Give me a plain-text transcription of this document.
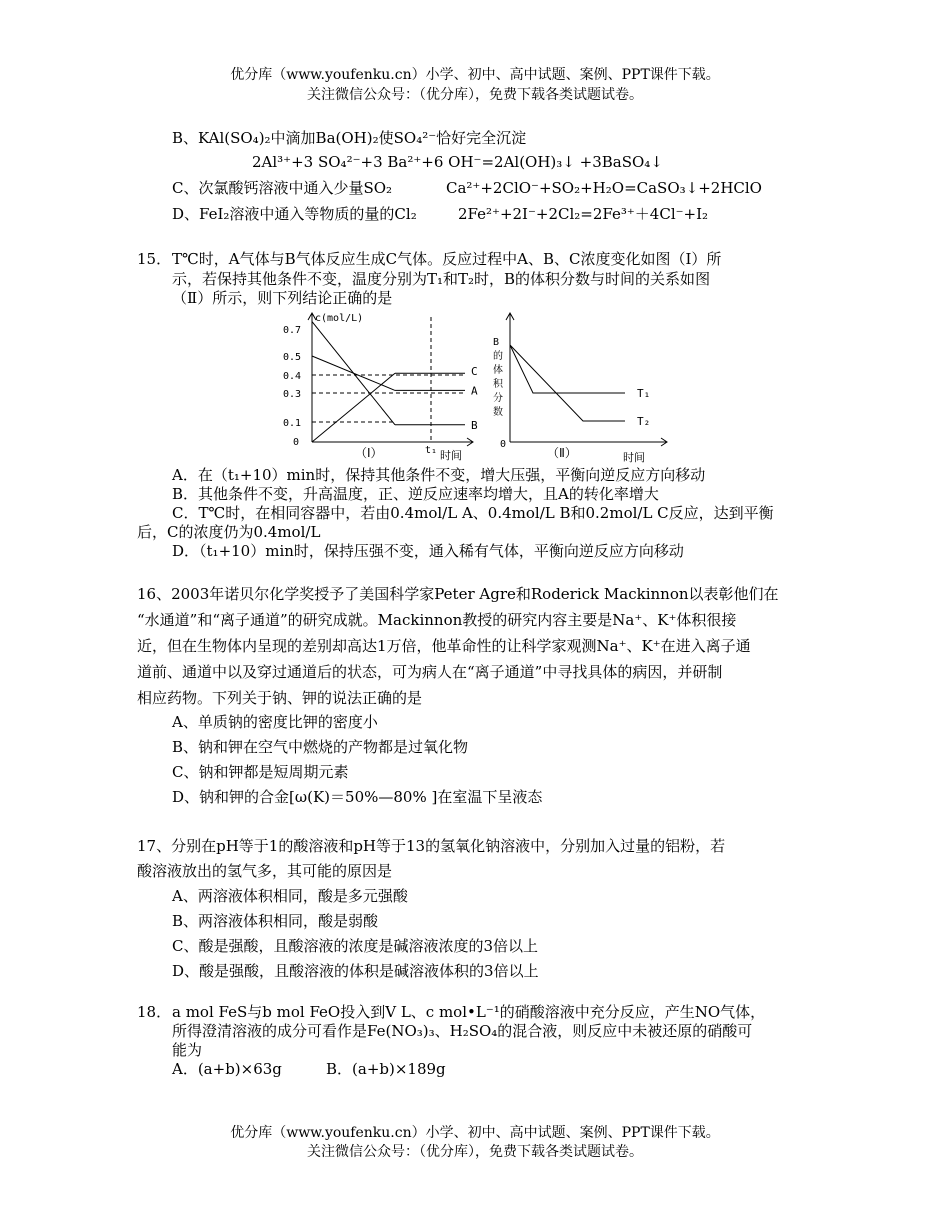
优分库（www.youfenku.cn）小学、初中、高中试题、案例、PPT课件下载。
关注微信公众号：（优分库），免费下载各类试题试卷。
B、KAl(SO₄)₂中滴加Ba(OH)₂使SO₄²⁻恰好完全沉淀
2Al³⁺+3 SO₄²⁻+3 Ba²⁺+6 OH⁻=2Al(OH)₃↓ +3BaSO₄↓
C、次氯酸钙溶液中通入少量SO₂	Ca²⁺+2ClO⁻+SO₂+H₂O=CaSO₃↓+2HClO
D、FeI₂溶液中通入等物质的量的Cl₂	2Fe²⁺+2I⁻+2Cl₂=2Fe³⁺＋4Cl⁻+I₂
15． T℃时，A气体与B气体反应生成C气体。反应过程中A、B、C浓度变化如图（Ⅰ）所
示，若保持其他条件不变，温度分别为T₁和T₂时，B的体积分数与时间的关系如图
（Ⅱ）所示，则下列结论正确的是
c(mol/L)
0.7
0.5
0.4
0.3
0.1
0
C
A
B
t₁
（Ⅰ）	时间
B
的
体
积
分
数
0
T₁
T₂
（Ⅱ）	时间
A．在（t₁+10）min时，保持其他条件不变，增大压强，平衡向逆反应方向移动
B．其他条件不变，升高温度，正、逆反应速率均增大，且A的转化率增大
C．T℃时，在相同容器中，若由0.4mol/L A、0.4mol/L B和0.2mol/L C反应，达到平衡
后，C的浓度仍为0.4mol/L
D．（t₁+10）min时，保持压强不变，通入稀有气体，平衡向逆反应方向移动
16、2003年诺贝尔化学奖授予了美国科学家Peter Agre和Roderick Mackinnon以表彰他们在
“水通道”和“离子通道”的研究成就。Mackinnon教授的研究内容主要是Na⁺、K⁺体积很接
近，但在生物体内呈现的差别却高达1万倍，他革命性的让科学家观测Na⁺、K⁺在进入离子通
道前、通道中以及穿过通道后的状态，可为病人在“离子通道”中寻找具体的病因，并研制
相应药物。下列关于钠、钾的说法正确的是
A、单质钠的密度比钾的密度小
B、钠和钾在空气中燃烧的产物都是过氧化物
C、钠和钾都是短周期元素
D、钠和钾的合金[ω(K)＝50%—80% ]在室温下呈液态
17、分别在pH等于1的酸溶液和pH等于13的氢氧化钠溶液中，分别加入过量的铝粉，若
酸溶液放出的氢气多，其可能的原因是
A、两溶液体积相同，酸是多元强酸
B、两溶液体积相同，酸是弱酸
C、酸是强酸，且酸溶液的浓度是碱溶液浓度的3倍以上
D、酸是强酸，且酸溶液的体积是碱溶液体积的3倍以上
18． a mol FeS与b mol FeO投入到V L、c mol•L⁻¹的硝酸溶液中充分反应，产生NO气体，
所得澄清溶液的成分可看作是Fe(NO₃)₃、H₂SO₄的混合液，则反应中未被还原的硝酸可
能为
A．(a+b)×63g	B．(a+b)×189g
优分库（www.youfenku.cn）小学、初中、高中试题、案例、PPT课件下载。
关注微信公众号：（优分库），免费下载各类试题试卷。
